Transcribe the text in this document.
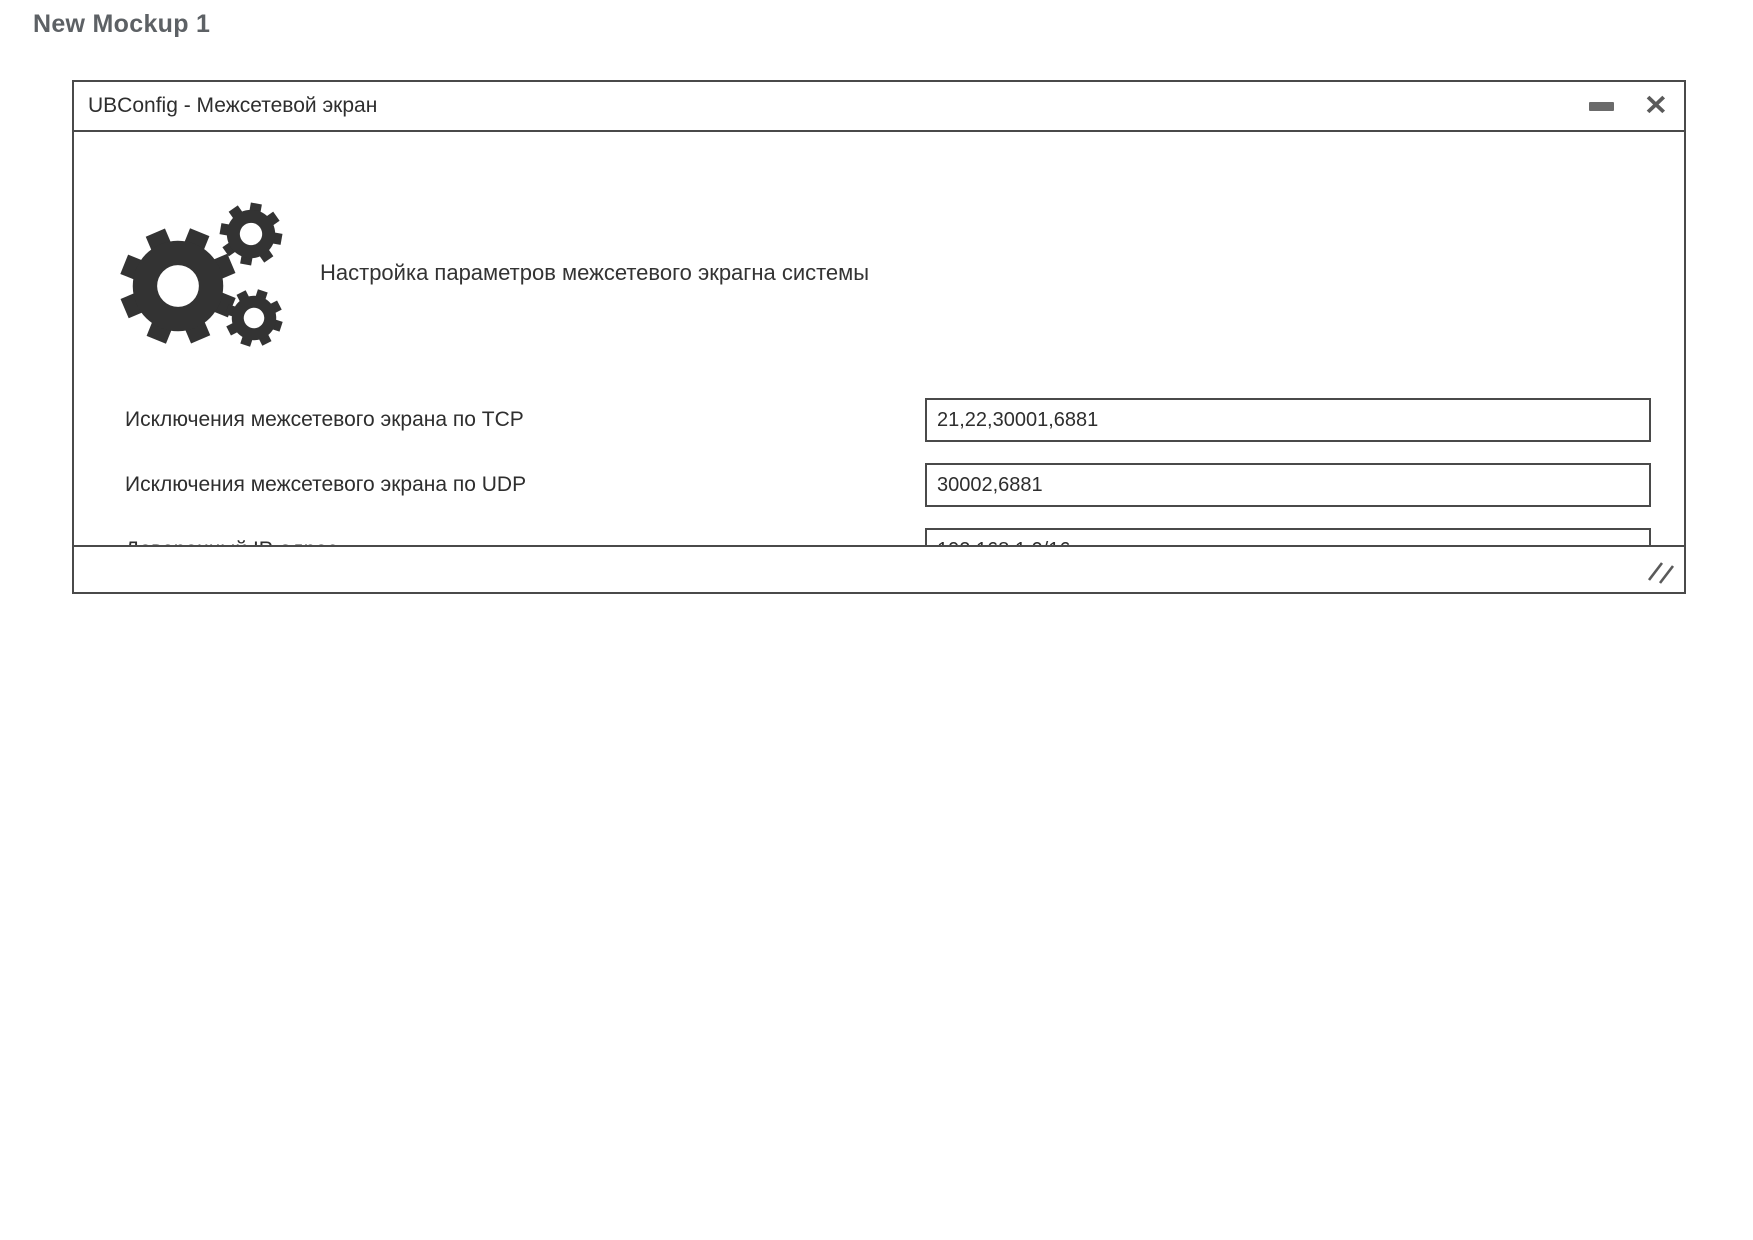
New Mockup 1
UBConfig - Межсетевой экран	✕
Настройка параметров межсетевого экрагна системы
Исключения межсетевого экрана по TCP
21,22,30001,6881
Исключения межсетевого экрана по UDP
30002,6881
192.168.1.0/16
